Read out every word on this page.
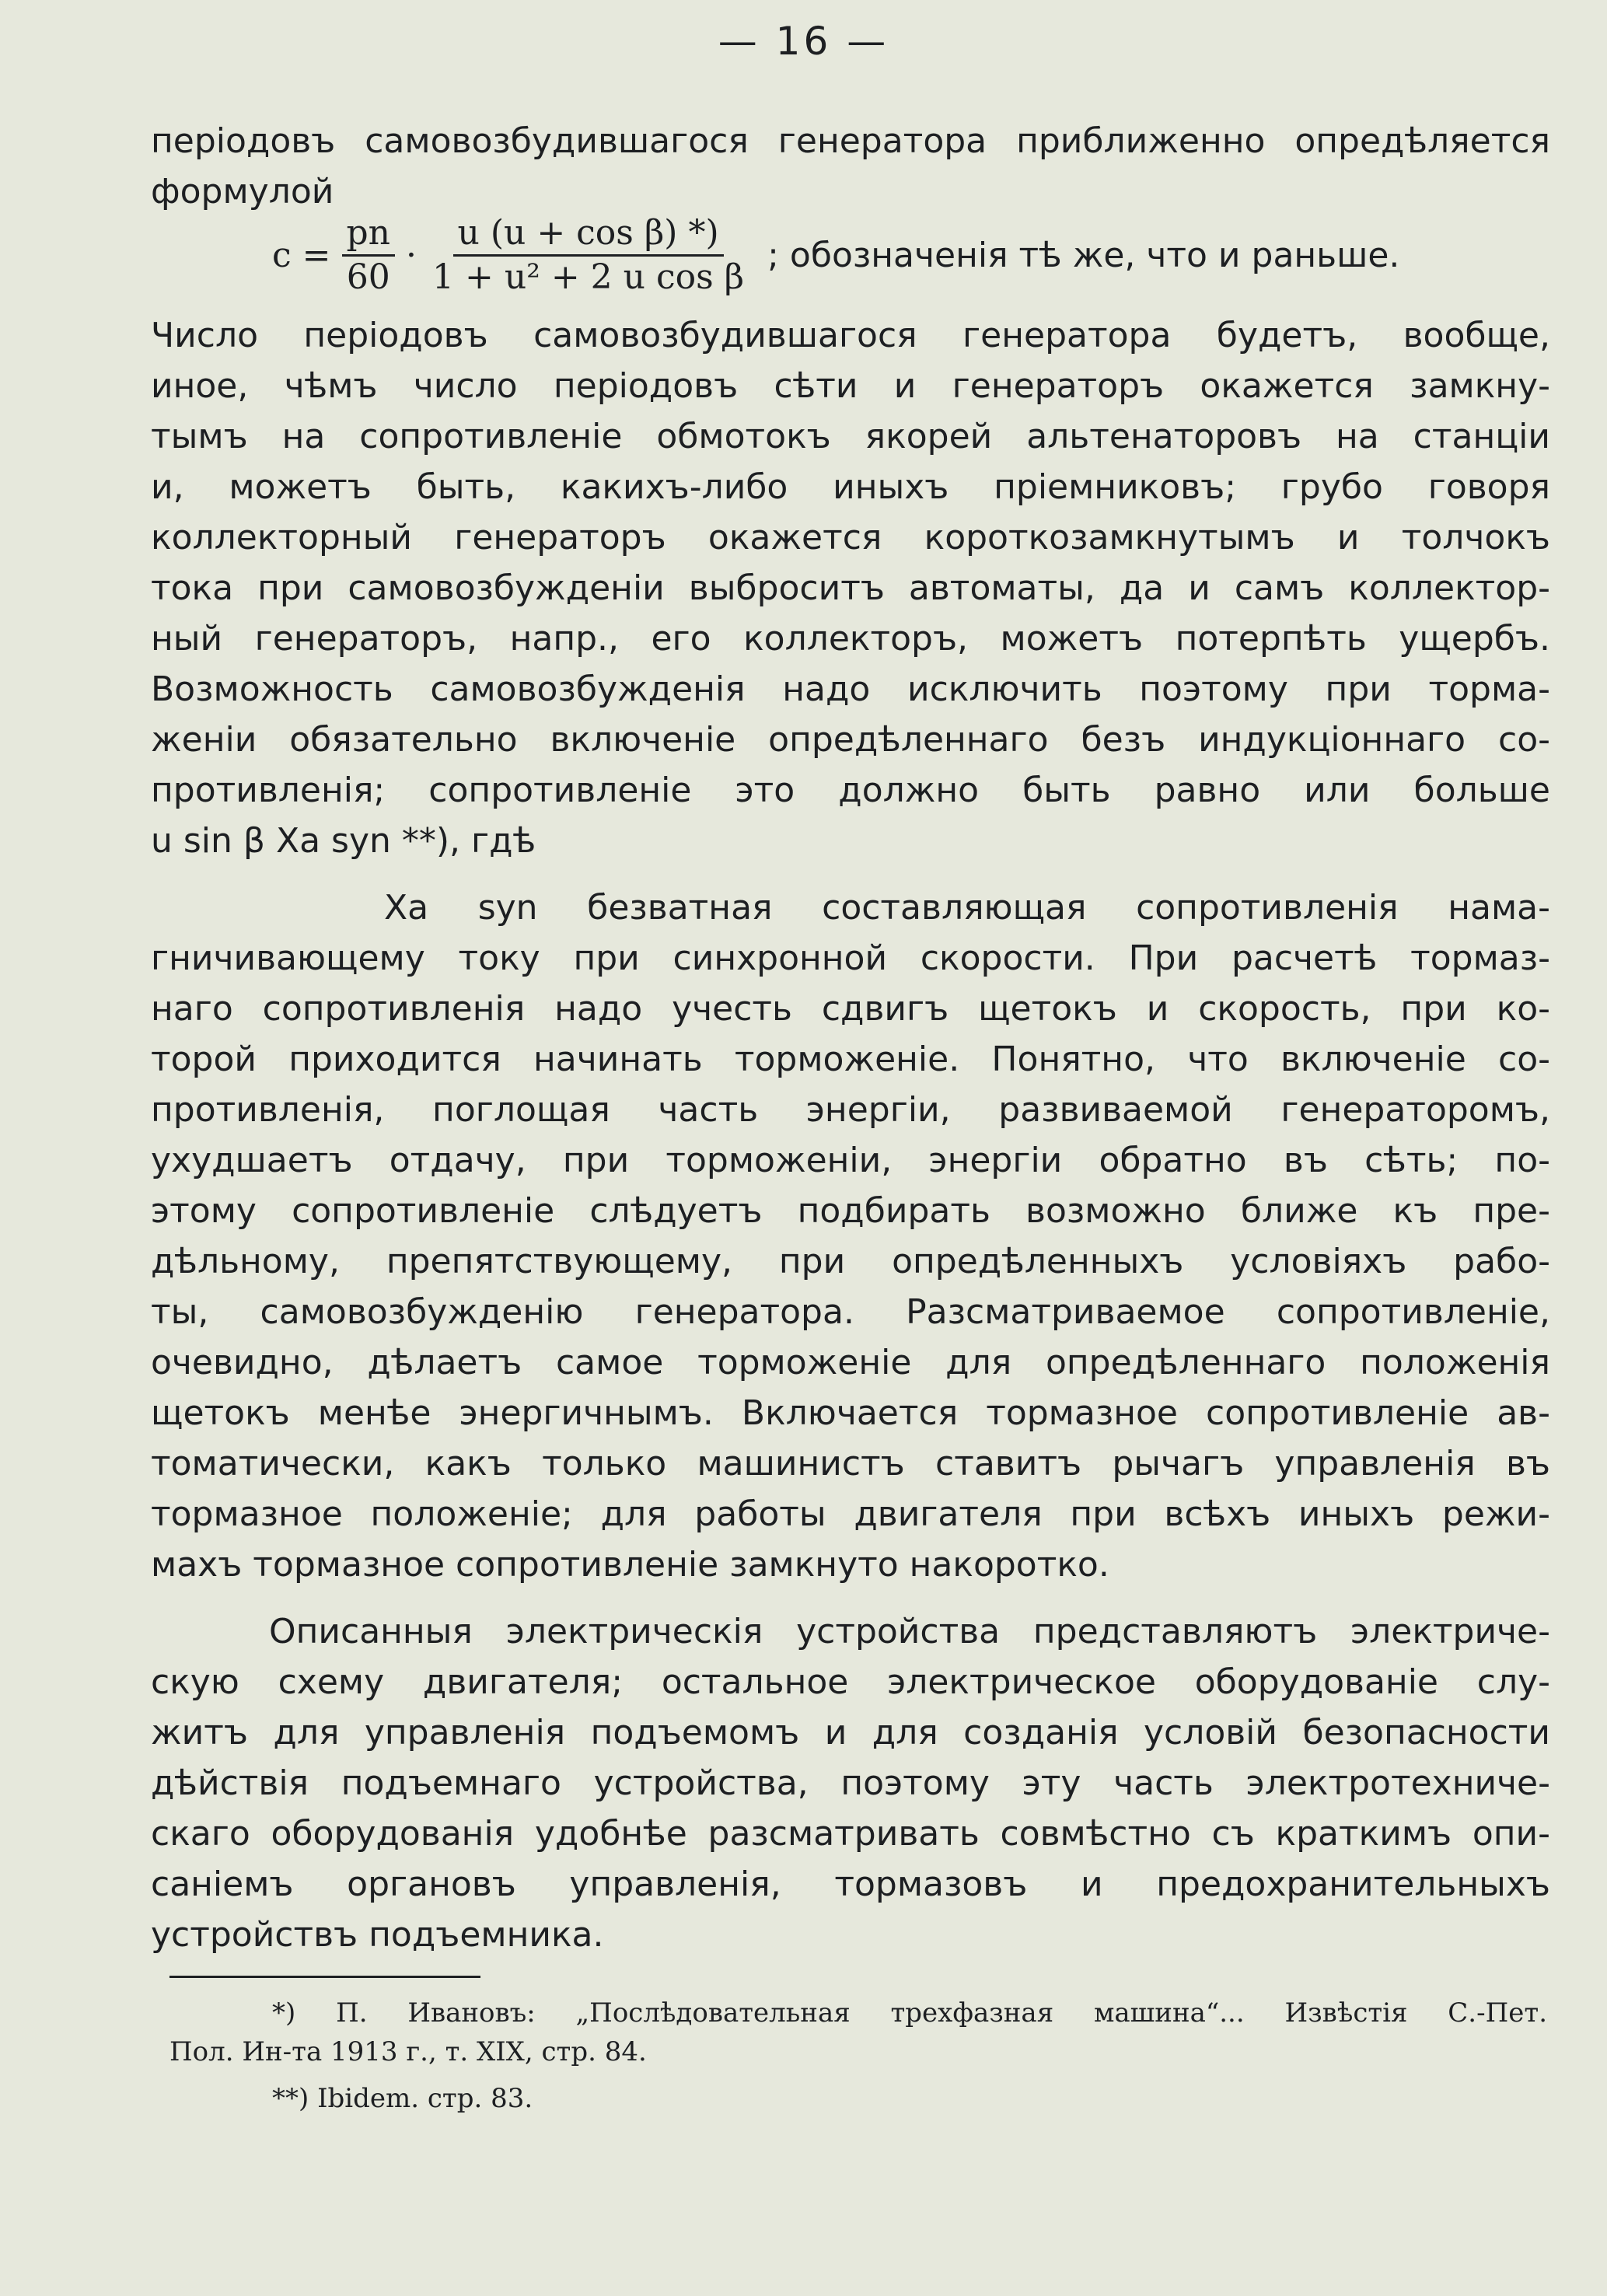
— 16 —
періодовъ самовозбудившагося генератора приближенно опредѣляется
формулой
$c = \frac{pn}{60} \cdot \frac{\text{u (u + cos β) *)}}{\text{1 + u² + 2 u cos β}}$ ; обозначенія тѣ же, что и раньше.
Число періодовъ самовозбудившагося генератора будетъ, вообще,
иное, чѣмъ число періодовъ сѣти и генераторъ окажется замкну-
тымъ на сопротивленіе обмотокъ якорей альтенаторовъ на станціи
и, можетъ быть, какихъ-либо иныхъ пріемниковъ; грубо говоря
коллекторный генераторъ окажется короткозамкнутымъ и толчокъ
тока при самовозбужденіи выброситъ автоматы, да и самъ коллектор-
ный генераторъ, напр., его коллекторъ, можетъ потерпѣть ущербъ.
Возможность самовозбужденія надо исключить поэтому при торма-
женіи обязательно включеніе опредѣленнаго безъ индукціоннаго со-
противленія; сопротивленіе это должно быть равно или больше
u sin β Xa syn **), гдѣ
Xa syn безватная составляющая сопротивленія нама-
гничивающему току при синхронной скорости. При расчетѣ тормаз-
наго сопротивленія надо учесть сдвигъ щетокъ и скорость, при ко-
торой приходится начинать торможеніе. Понятно, что включеніе со-
противленія, поглощая часть энергіи, развиваемой генераторомъ,
ухудшаетъ отдачу, при торможеніи, энергіи обратно въ сѣть; по-
этому сопротивленіе слѣдуетъ подбирать возможно ближе къ пре-
дѣльному, препятствующему, при опредѣленныхъ условіяхъ рабо-
ты, самовозбужденію генератора. Разсматриваемое сопротивленіе,
очевидно, дѣлаетъ самое торможеніе для опредѣленнаго положенія
щетокъ менѣе энергичнымъ. Включается тормазное сопротивленіе ав-
томатически, какъ только машинистъ ставитъ рычагъ управленія въ
тормазное положеніе; для работы двигателя при всѣхъ иныхъ режи-
махъ тормазное сопротивленіе замкнуто накоротко.
Описанныя электрическія устройства представляютъ электриче-
скую схему двигателя; остальное электрическое оборудованіе слу-
житъ для управленія подъемомъ и для созданія условій безопасности
дѣйствія подъемнаго устройства, поэтому эту часть электротехниче-
скаго оборудованія удобнѣе разсматривать совмѣстно съ краткимъ опи-
саніемъ органовъ управленія, тормазовъ и предохранительныхъ
устройствъ подъемника.
*) П. Ивановъ: „Послѣдовательная трехфазная машина“... Извѣстія С.-Пет.
Пол. Ин-та 1913 г., т. XIX, стр. 84.
**) Ibidem. стр. 83.
